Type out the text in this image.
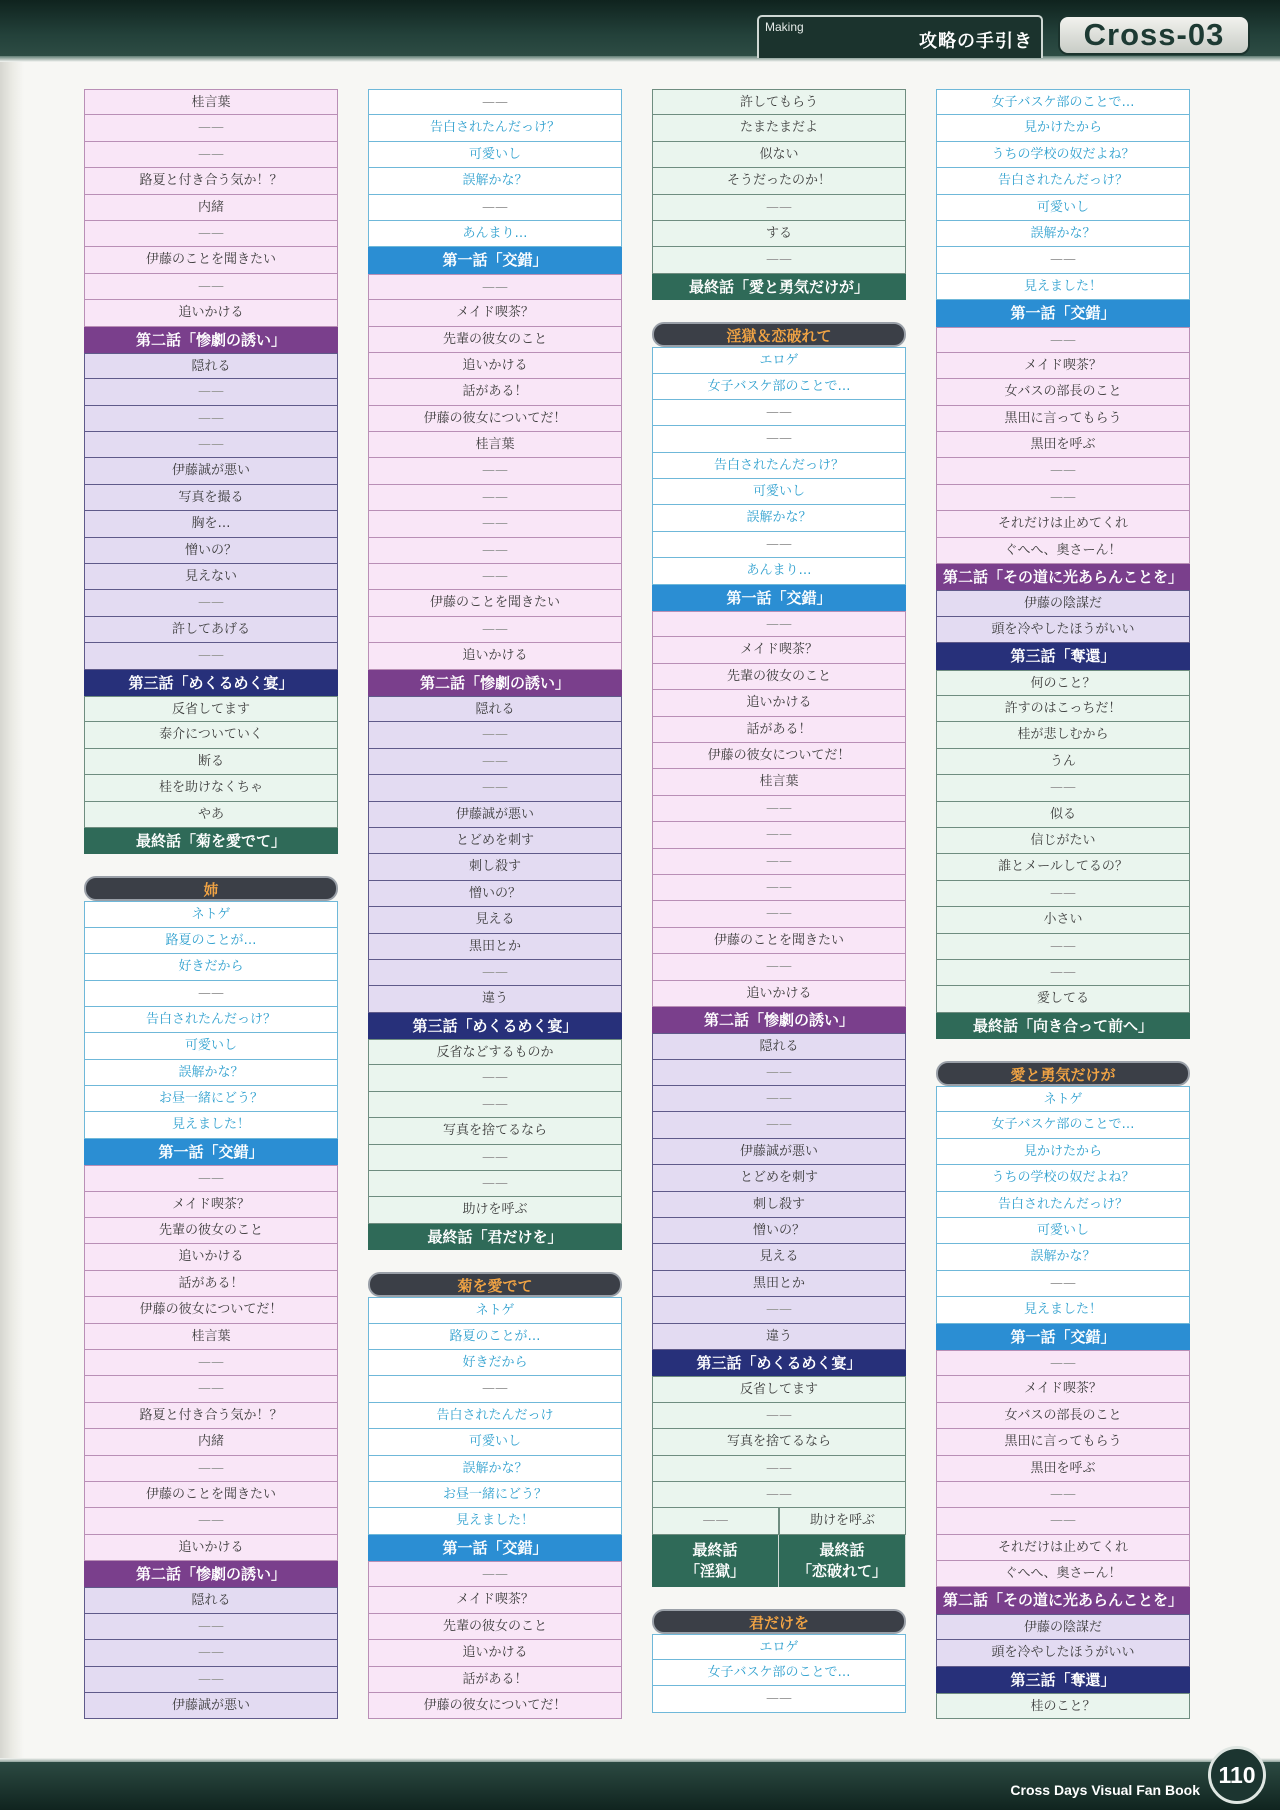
Making
攻略の手引き	Cross-03
桂言葉
——
——
路夏と付き合う気か！？
内緒
——
伊藤のことを聞きたい
——
追いかける
第二話「惨劇の誘い」
隠れる
——
——
——
伊藤誠が悪い
写真を撮る
胸を…
憎いの？
見えない
——
許してあげる
——
第三話「めくるめく宴」
反省してます
泰介についていく
断る
桂を助けなくちゃ
やあ
最終話「菊を愛でて」
姉
ネトゲ
路夏のことが…
好きだから
——
告白されたんだっけ？
可愛いし
誤解かな？
お昼一緒にどう？
見えました！
第一話「交錯」
——
メイド喫茶？
先輩の彼女のこと
追いかける
話がある！
伊藤の彼女についてだ！
桂言葉
——
——
路夏と付き合う気か！？
内緒
——
伊藤のことを聞きたい
——
追いかける
第二話「惨劇の誘い」
隠れる
——
——
——
伊藤誠が悪い
——
告白されたんだっけ？
可愛いし
誤解かな？
——
あんまり…
第一話「交錯」
——
メイド喫茶？
先輩の彼女のこと
追いかける
話がある！
伊藤の彼女についてだ！
桂言葉
——
——
——
——
——
伊藤のことを聞きたい
——
追いかける
第二話「惨劇の誘い」
隠れる
——
——
——
伊藤誠が悪い
とどめを刺す
刺し殺す
憎いの？
見える
黒田とか
——
違う
第三話「めくるめく宴」
反省などするものか
——
——
写真を捨てるなら
——
——
助けを呼ぶ
最終話「君だけを」
菊を愛でて
ネトゲ
路夏のことが…
好きだから
——
告白されたんだっけ
可愛いし
誤解かな？
お昼一緒にどう？
見えました！
第一話「交錯」
——
メイド喫茶？
先輩の彼女のこと
追いかける
話がある！
伊藤の彼女についてだ！
許してもらう
たまたまだよ
似ない
そうだったのか！
——
する
——
最終話「愛と勇気だけが」
淫獄＆恋破れて
エロゲ
女子バスケ部のことで…
——
——
告白されたんだっけ？
可愛いし
誤解かな？
——
あんまり…
第一話「交錯」
——
メイド喫茶？
先輩の彼女のこと
追いかける
話がある！
伊藤の彼女についてだ！
桂言葉
——
——
——
——
——
伊藤のことを聞きたい
——
追いかける
第二話「惨劇の誘い」
隠れる
——
——
——
伊藤誠が悪い
とどめを刺す
刺し殺す
憎いの？
見える
黒田とか
——
違う
第三話「めくるめく宴」
反省してます
——
写真を捨てるなら
——
——
——	助けを呼ぶ
最終話
「淫獄」
最終話
「恋破れて」
君だけを
エロゲ
女子バスケ部のことで…
——
女子バスケ部のことで…
見かけたから
うちの学校の奴だよね？
告白されたんだっけ？
可愛いし
誤解かな？
——
見えました！
第一話「交錯」
——
メイド喫茶？
女バスの部長のこと
黒田に言ってもらう
黒田を呼ぶ
——
——
それだけは止めてくれ
ぐへへ、奥さーん！
第二話「その道に光あらんことを」
伊藤の陰謀だ
頭を冷やしたほうがいい
第三話「奪還」
何のこと？
許すのはこっちだ！
桂が悲しむから
うん
——
似る
信じがたい
誰とメールしてるの？
——
小さい
——
——
愛してる
最終話「向き合って前へ」
愛と勇気だけが
ネトゲ
女子バスケ部のことで…
見かけたから
うちの学校の奴だよね？
告白されたんだっけ？
可愛いし
誤解かな？
——
見えました！
第一話「交錯」
——
メイド喫茶？
女バスの部長のこと
黒田に言ってもらう
黒田を呼ぶ
——
——
それだけは止めてくれ
ぐへへ、奥さーん！
第二話「その道に光あらんことを」
伊藤の陰謀だ
頭を冷やしたほうがいい
第三話「奪還」
桂のこと？
Cross Days Visual Fan Book
110
